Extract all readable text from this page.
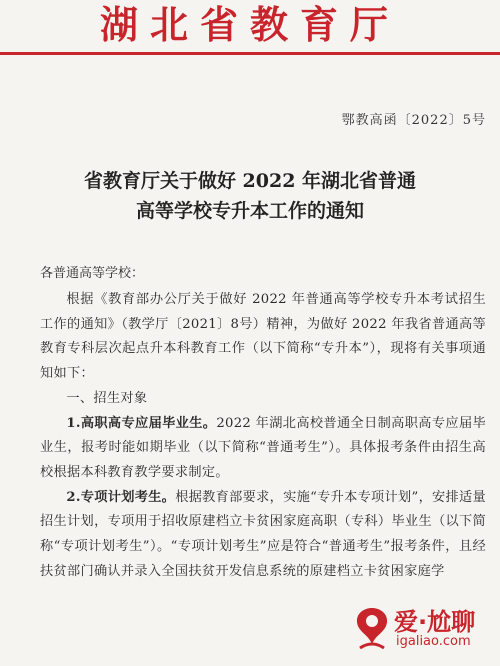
湖北省教育厅
鄂教高函〔2022〕5号
省教育厅关于做好 2022 年湖北省普通
高等学校专升本工作的通知
各普通高等学校：

根据《教育部办公厅关于做好 2022 年普通高等学校专升本考试招生工作的通知》（教学厅〔2021〕8号）精神，为做好 2022 年我省普通高等教育专科层次起点升本科教育工作（以下简称“专升本”），现将有关事项通知如下：

一、招生对象

1.高职高专应届毕业生。2022 年湖北高校普通全日制高职高专应届毕业生，报考时能如期毕业（以下简称“普通考生”）。具体报考条件由招生高校根据本科教育教学要求制定。

2.专项计划考生。根据教育部要求，实施“专升本专项计划”，安排适量招生计划，专项用于招收原建档立卡贫困家庭高职（专科）毕业生（以下简称“专项计划考生”）。“专项计划考生”应是符合“普通考生”报考条件，且经扶贫部门确认并录入全国扶贫开发信息系统的原建档立卡贫困家庭学

爱·尬聊
igaliao.com
